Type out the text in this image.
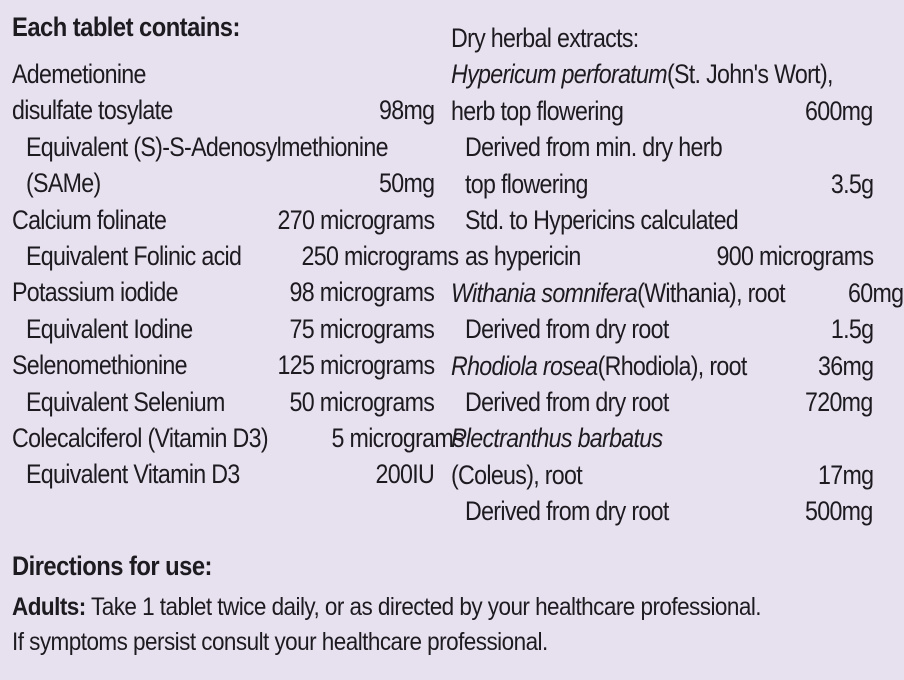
Each tablet contains:
Ademetionine
disulfate tosylate	98mg
Equivalent (S)-S-Adenosylmethionine
(SAMe)	50mg
Calcium folinate	270 micrograms
Equivalent Folinic acid 250 micrograms
Potassium iodide	98 micrograms
Equivalent Iodine	75 micrograms
Selenomethionine	125 micrograms
Equivalent Selenium 50 micrograms
Colecalciferol (Vitamin D3) 5 micrograms
Equivalent Vitamin D3	200IU
Dry herbal extracts:
Hypericum perforatum(St. John's Wort),
herb top flowering	600mg
Derived from min. dry herb
top flowering	3.5g
Std. to Hypericins calculated
as hypericin	900 micrograms
Withania somnifera(Withania), root 60mg
Derived from dry root	1.5g
Rhodiola rosea(Rhodiola), root	36mg
Derived from dry root	720mg
Plectranthus barbatus
(Coleus), root	17mg
Derived from dry root	500mg
Directions for use:
Adults: Take 1 tablet twice daily, or as directed by your healthcare professional.
If symptoms persist consult your healthcare professional.
